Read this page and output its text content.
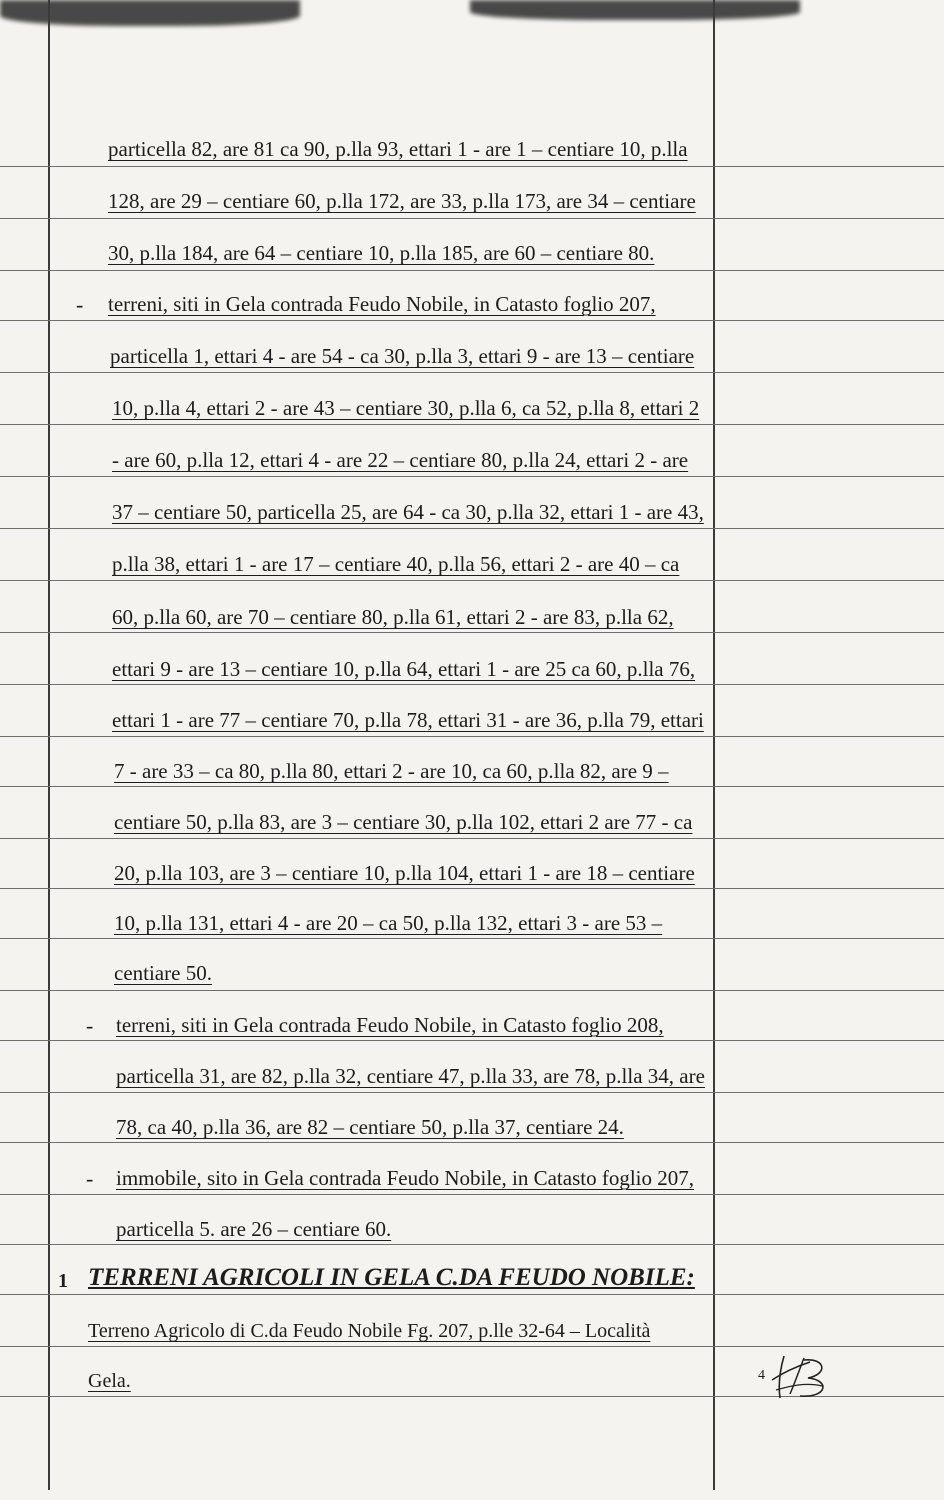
particella 82, are 81 ca 90, p.lla 93, ettari 1 - are 1 – centiare 10, p.lla
128, are 29 – centiare 60, p.lla 172, are 33, p.lla 173, are 34 – centiare
30, p.lla 184, are 64 – centiare 10, p.lla 185, are 60 – centiare 80.
- terreni, siti in Gela contrada Feudo Nobile, in Catasto foglio 207,
particella 1, ettari 4 - are 54 - ca 30, p.lla 3, ettari 9 - are 13 – centiare
10, p.lla 4, ettari 2 - are 43 – centiare 30, p.lla 6, ca 52, p.lla 8, ettari 2
- are 60, p.lla 12, ettari 4 - are 22 – centiare 80, p.lla 24, ettari 2 - are
37 – centiare 50, particella 25, are 64 - ca 30, p.lla 32, ettari 1 - are 43,
p.lla 38, ettari 1 - are 17 – centiare 40, p.lla 56, ettari 2 - are 40 – ca
60, p.lla 60, are 70 – centiare 80, p.lla 61, ettari 2 - are 83, p.lla 62,
ettari 9 - are 13 – centiare 10, p.lla 64, ettari 1 - are 25 ca 60, p.lla 76,
ettari 1 - are 77 – centiare 70, p.lla 78, ettari 31 - are 36, p.lla 79, ettari
7 - are 33 – ca 80, p.lla 80, ettari 2 - are 10, ca 60, p.lla 82, are 9 –
centiare 50, p.lla 83, are 3 – centiare 30, p.lla 102, ettari 2 are 77 - ca
20, p.lla 103, are 3 – centiare 10, p.lla 104, ettari 1 - are 18 – centiare
10, p.lla 131, ettari 4 - are 20 – ca 50, p.lla 132, ettari 3 - are 53 –
centiare 50.
- terreni, siti in Gela contrada Feudo Nobile, in Catasto foglio 208,
particella 31, are 82, p.lla 32, centiare 47, p.lla 33, are 78, p.lla 34, are
78, ca 40, p.lla 36, are 82 – centiare 50, p.lla 37, centiare 24.
- immobile, sito in Gela contrada Feudo Nobile, in Catasto foglio 207,
particella 5. are 26 – centiare 60.
1 TERRENI AGRICOLI IN GELA C.DA FEUDO NOBILE:
Terreno Agricolo di C.da Feudo Nobile Fg. 207, p.lle 32-64 – Località
Gela.	4
